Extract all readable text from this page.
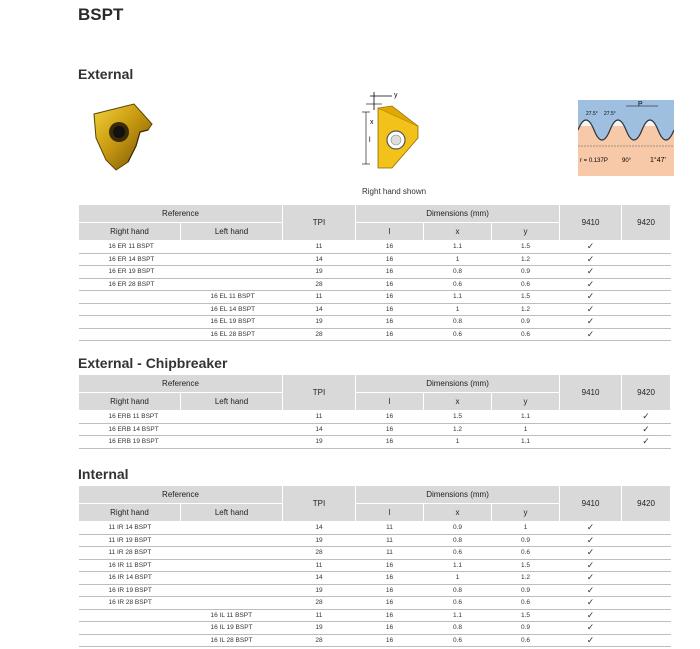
BSPT
External
External - Chipbreaker
Internal
y
x
l
Right hand shown
P
27.5° 27.5°
r = 0.137P 90°	1°47'
Reference		TPI	Dimensions (mm)			9410	9420
Right hand	Left hand		l	x	y		
16 ER 11 BSPT		11	16	1.1	1.5	✓	
16 ER 14 BSPT		14	16	1	1.2	✓	
16 ER 19 BSPT		19	16	0.8	0.9	✓	
16 ER 28 BSPT		28	16	0.6	0.6	✓	
	16 EL 11 BSPT	11	16	1.1	1.5	✓	
	16 EL 14 BSPT	14	16	1	1.2	✓	
	16 EL 19 BSPT	19	16	0.8	0.9	✓	
	16 EL 28 BSPT	28	16	0.6	0.6	✓	
Reference		TPI	Dimensions (mm)			9410	9420
Right hand	Left hand		l	x	y		
16 ERB 11 BSPT		11	16	1.5	1.1		✓
16 ERB 14 BSPT		14	16	1.2	1		✓
16 ERB 19 BSPT		19	16	1	1.1		✓
Reference		TPI	Dimensions (mm)			9410	9420
Right hand	Left hand		l	x	y		
11 IR 14 BSPT		14	11	0.9	1	✓	
11 IR 19 BSPT		19	11	0.8	0.9	✓	
11 IR 28 BSPT		28	11	0.6	0.6	✓	
16 IR 11 BSPT		11	16	1.1	1.5	✓	
16 IR 14 BSPT		14	16	1	1.2	✓	
16 IR 19 BSPT		19	16	0.8	0.9	✓	
16 IR 28 BSPT		28	16	0.6	0.6	✓	
	16 IL 11 BSPT	11	16	1.1	1.5	✓	
	16 IL 19 BSPT	19	16	0.8	0.9	✓	
	16 IL 28 BSPT	28	16	0.6	0.6	✓	
